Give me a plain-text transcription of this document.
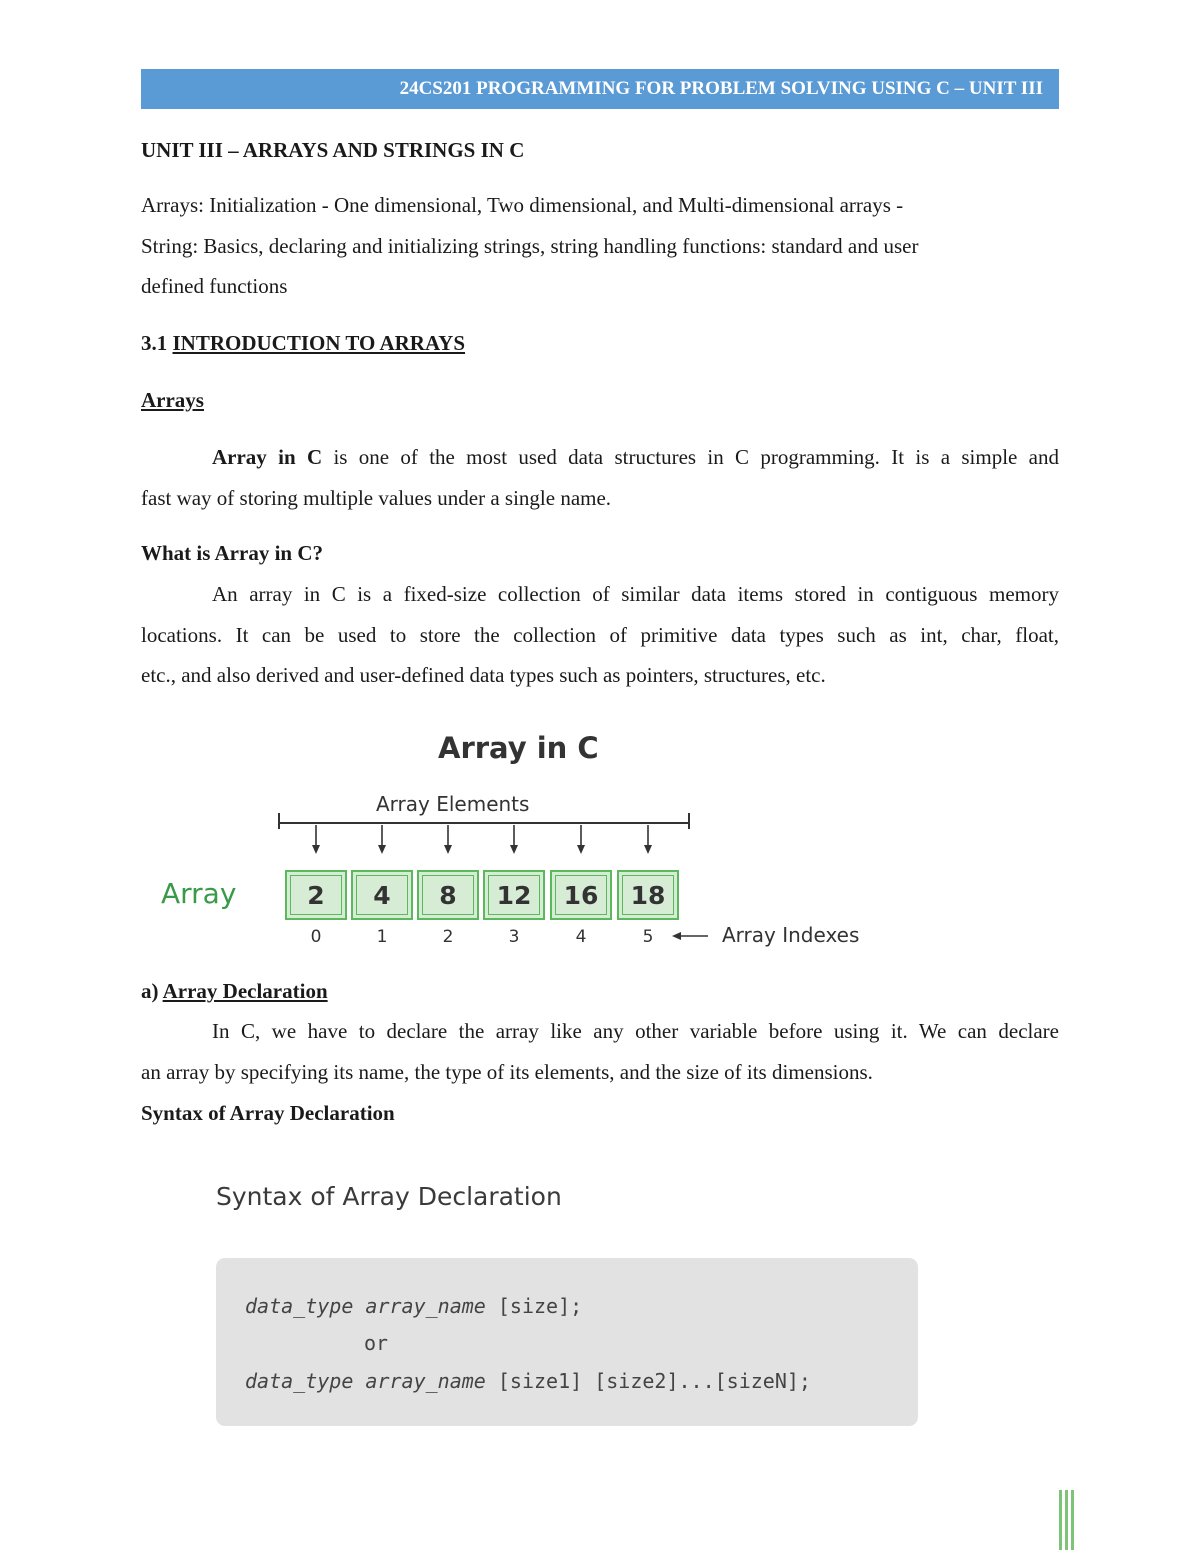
24CS201 PROGRAMMING FOR PROBLEM SOLVING USING C – UNIT III
UNIT III – ARRAYS AND STRINGS IN C
Arrays: Initialization - One dimensional, Two dimensional, and Multi-dimensional arrays -
String: Basics, declaring and initializing strings, string handling functions: standard and user
defined functions
3.1 INTRODUCTION TO ARRAYS
Arrays
Array in C is one of the most used data structures in C programming. It is a simple and
fast way of storing multiple values under a single name.
What is Array in C?
An array in C is a fixed-size collection of similar data items stored in contiguous memory
locations. It can be used to store the collection of primitive data types such as int, char, float,
etc., and also derived and user-defined data types such as pointers, structures, etc.
Array in C
Array Elements
Array	2 4 8 12 16 18
0	1	2	3	4	5	Array Indexes
a) Array Declaration
In C, we have to declare the array like any other variable before using it. We can declare
an array by specifying its name, the type of its elements, and the size of its dimensions.
Syntax of Array Declaration
Syntax of Array Declaration
data_type array_name [size];
or
data_type array_name [size1] [size2]...[sizeN];
